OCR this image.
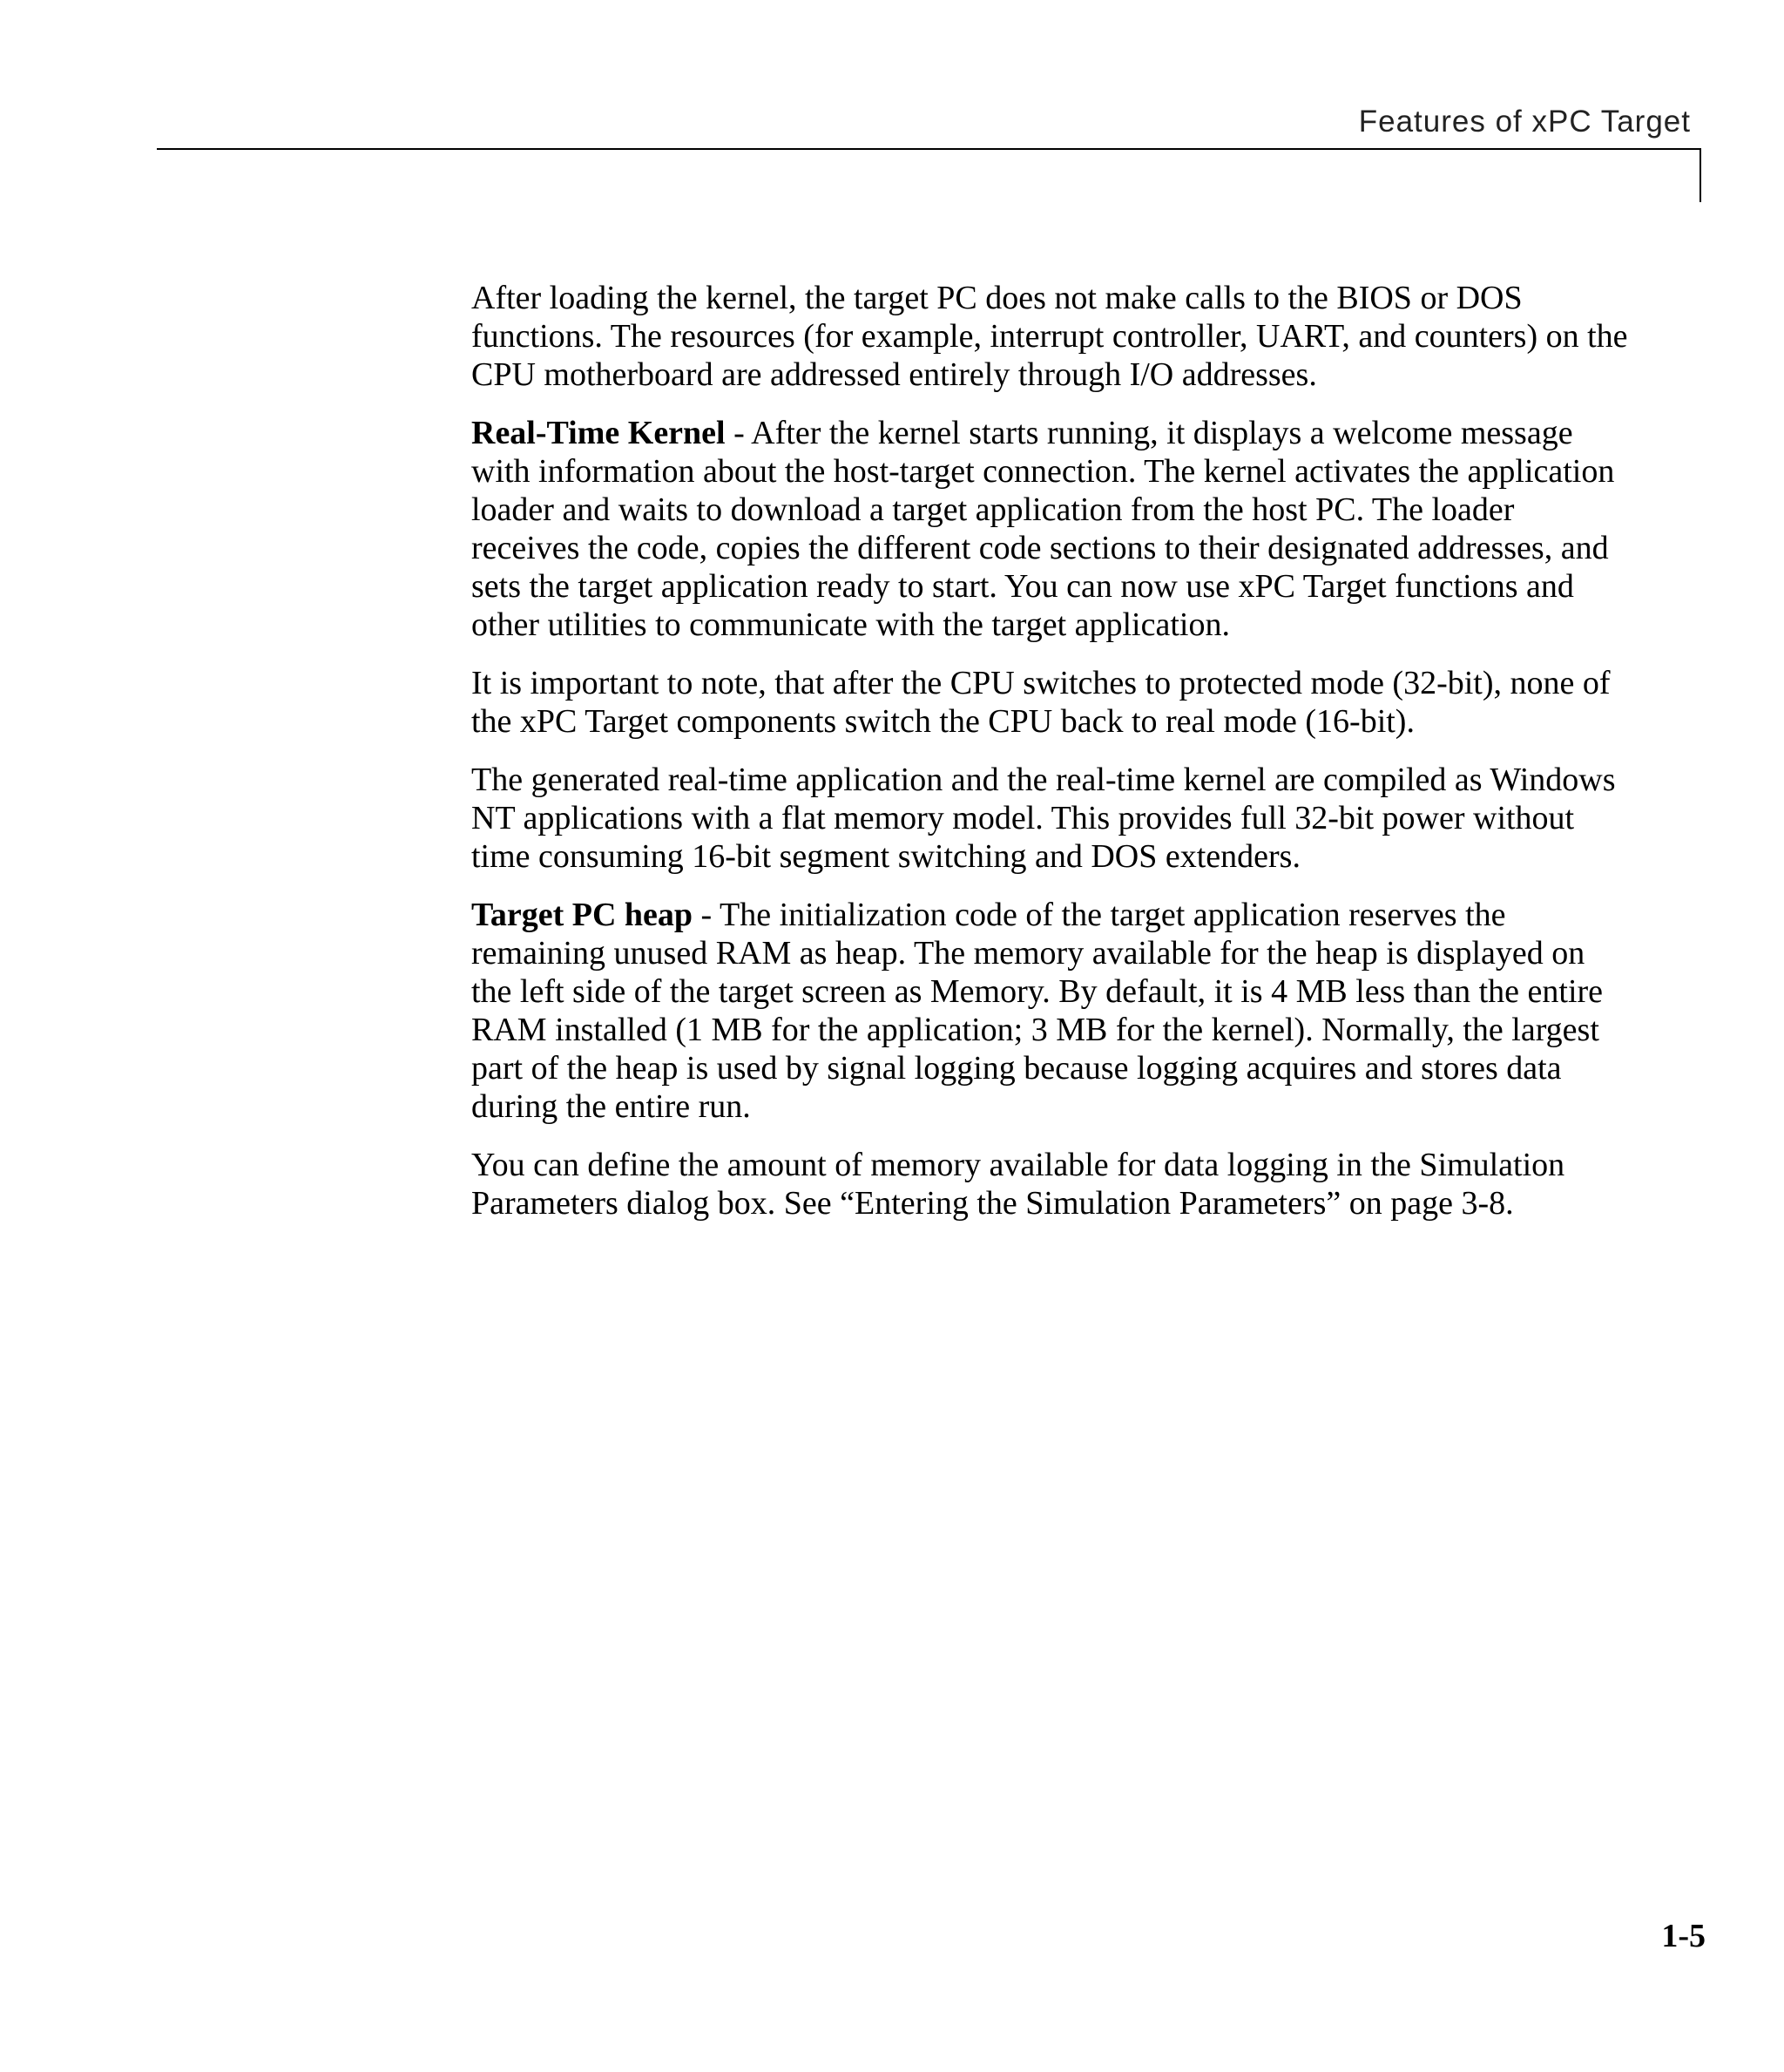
Features of xPC Target

After loading the kernel, the target PC does not make calls to the BIOS or DOS functions. The resources (for example, interrupt controller, UART, and counters) on the CPU motherboard are addressed entirely through I/O addresses.

Real-Time Kernel - After the kernel starts running, it displays a welcome message with information about the host-target connection. The kernel activates the application loader and waits to download a target application from the host PC. The loader receives the code, copies the different code sections to their designated addresses, and sets the target application ready to start. You can now use xPC Target functions and other utilities to communicate with the target application.

It is important to note, that after the CPU switches to protected mode (32-bit), none of the xPC Target components switch the CPU back to real mode (16-bit).

The generated real-time application and the real-time kernel are compiled as Windows NT applications with a flat memory model. This provides full 32-bit power without time consuming 16-bit segment switching and DOS extenders.

Target PC heap - The initialization code of the target application reserves the remaining unused RAM as heap. The memory available for the heap is displayed on the left side of the target screen as Memory. By default, it is 4 MB less than the entire RAM installed (1 MB for the application; 3 MB for the kernel). Normally, the largest part of the heap is used by signal logging because logging acquires and stores data during the entire run.

You can define the amount of memory available for data logging in the Simulation Parameters dialog box. See “Entering the Simulation Parameters” on page 3-8.

1-5
